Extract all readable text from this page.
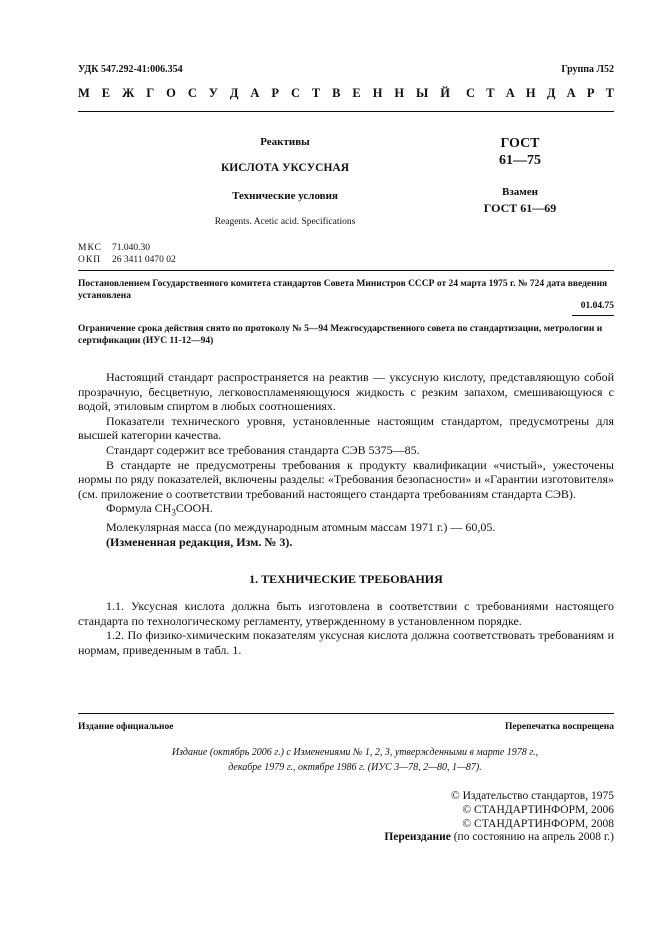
УДК 547.292-41:006.354	Группа Л52
М Е Ж Г О С У Д А Р С Т В Е Н Н Ы Й С Т А Н Д А Р Т
Реактивы
КИСЛОТА УКСУСНАЯ
Технические условия
Reagents. Acetic acid. Specifications
ГОСТ
61—75
Взамен
ГОСТ 61—69
МКС 71.040.30
ОКП 26 3411 0470 02
Постановлением Государственного комитета стандартов Совета Министров СССР от 24 марта 1975 г. № 724 дата введения установлена
01.04.75
Ограничение срока действия снято по протоколу № 5—94 Межгосударственного совета по стандартизации, метрологии и сертификации (ИУС 11-12—94)

Настоящий стандарт распространяется на реактив — уксусную кислоту, представляющую собой прозрачную, бесцветную, легковоспламеняющуюся жидкость с резким запахом, смешивающуюся с водой, этиловым спиртом в любых соотношениях.

Показатели технического уровня, установленные настоящим стандартом, предусмотрены для высшей категории качества.

Стандарт содержит все требования стандарта СЭВ 5375—85.

В стандарте не предусмотрены требования к продукту квалификации «чистый», ужесточены нормы по ряду показателей, включены разделы: «Требования безопасности» и «Гарантии изготовителя» (см. приложение о соответствии требований настоящего стандарта требованиям стандарта СЭВ).

Формула $CH_3COOH$.

Молекулярная масса (по международным атомным массам 1971 г.) — 60,05.

(Измененная редакция, Изм. № 3).

1. ТЕХНИЧЕСКИЕ ТРЕБОВАНИЯ

1.1. Уксусная кислота должна быть изготовлена в соответствии с требованиями настоящего стандарта по технологическому регламенту, утвержденному в установленном порядке.

1.2. По физико-химическим показателям уксусная кислота должна соответствовать требованиям и нормам, приведенным в табл. 1.

Издание официальное	Перепечатка воспрещена
Издание (октябрь 2006 г.) с Изменениями № 1, 2, 3, утвержденными в марте 1978 г.,
декабре 1979 г., октябре 1986 г. (ИУС 3—78, 2—80, 1—87).
© Издательство стандартов, 1975
© СТАНДАРТИНФОРМ, 2006
© СТАНДАРТИНФОРМ, 2008
Переиздание (по состоянию на апрель 2008 г.)
